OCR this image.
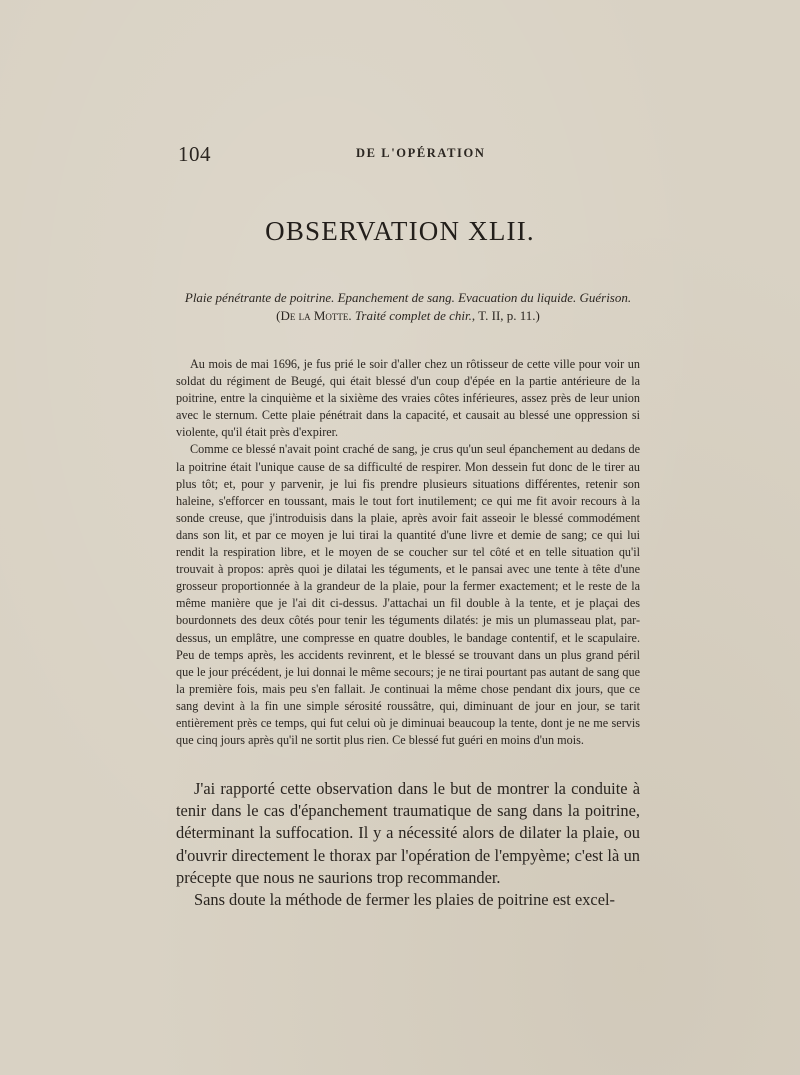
104	DE L'OPÉRATION
OBSERVATION XLII.
Plaie pénétrante de poitrine. Epanchement de sang. Evacuation du liquide. Guérison.
(De la Motte. Traité complet de chir., T. II, p. 11.)

Au mois de mai 1696, je fus prié le soir d'aller chez un rôtisseur de cette ville pour voir un soldat du régiment de Beugé, qui était blessé d'un coup d'épée en la partie antérieure de la poitrine, entre la cinquième et la sixième des vraies côtes inférieures, assez près de leur union avec le sternum. Cette plaie pénétrait dans la capacité, et causait au blessé une oppression si violente, qu'il était près d'expirer.

Comme ce blessé n'avait point craché de sang, je crus qu'un seul épanchement au dedans de la poitrine était l'unique cause de sa difficulté de respirer. Mon dessein fut donc de le tirer au plus tôt; et, pour y parvenir, je lui fis prendre plusieurs situations différentes, retenir son haleine, s'efforcer en toussant, mais le tout fort inutilement; ce qui me fit avoir recours à la sonde creuse, que j'introduisis dans la plaie, après avoir fait asseoir le blessé commodément dans son lit, et par ce moyen je lui tirai la quantité d'une livre et demie de sang; ce qui lui rendit la respiration libre, et le moyen de se coucher sur tel côté et en telle situation qu'il trouvait à propos: après quoi je dilatai les téguments, et le pansai avec une tente à tête d'une grosseur proportionnée à la grandeur de la plaie, pour la fermer exactement; et le reste de la même manière que je l'ai dit ci-dessus. J'attachai un fil double à la tente, et je plaçai des bourdonnets des deux côtés pour tenir les téguments dilatés: je mis un plumasseau plat, par-dessus, un emplâtre, une compresse en quatre doubles, le bandage contentif, et le scapulaire. Peu de temps après, les accidents revinrent, et le blessé se trouvant dans un plus grand péril que le jour précédent, je lui donnai le même secours; je ne tirai pourtant pas autant de sang que la première fois, mais peu s'en fallait. Je continuai la même chose pendant dix jours, que ce sang devint à la fin une simple sérosité roussâtre, qui, diminuant de jour en jour, se tarit entièrement près ce temps, qui fut celui où je diminuai beaucoup la tente, dont je ne me servis que cinq jours après qu'il ne sortit plus rien. Ce blessé fut guéri en moins d'un mois.

J'ai rapporté cette observation dans le but de montrer la conduite à tenir dans le cas d'épanchement traumatique de sang dans la poitrine, déterminant la suffocation. Il y a nécessité alors de dilater la plaie, ou d'ouvrir directement le thorax par l'opération de l'empyème; c'est là un précepte que nous ne saurions trop recommander.

Sans doute la méthode de fermer les plaies de poitrine est excel-
